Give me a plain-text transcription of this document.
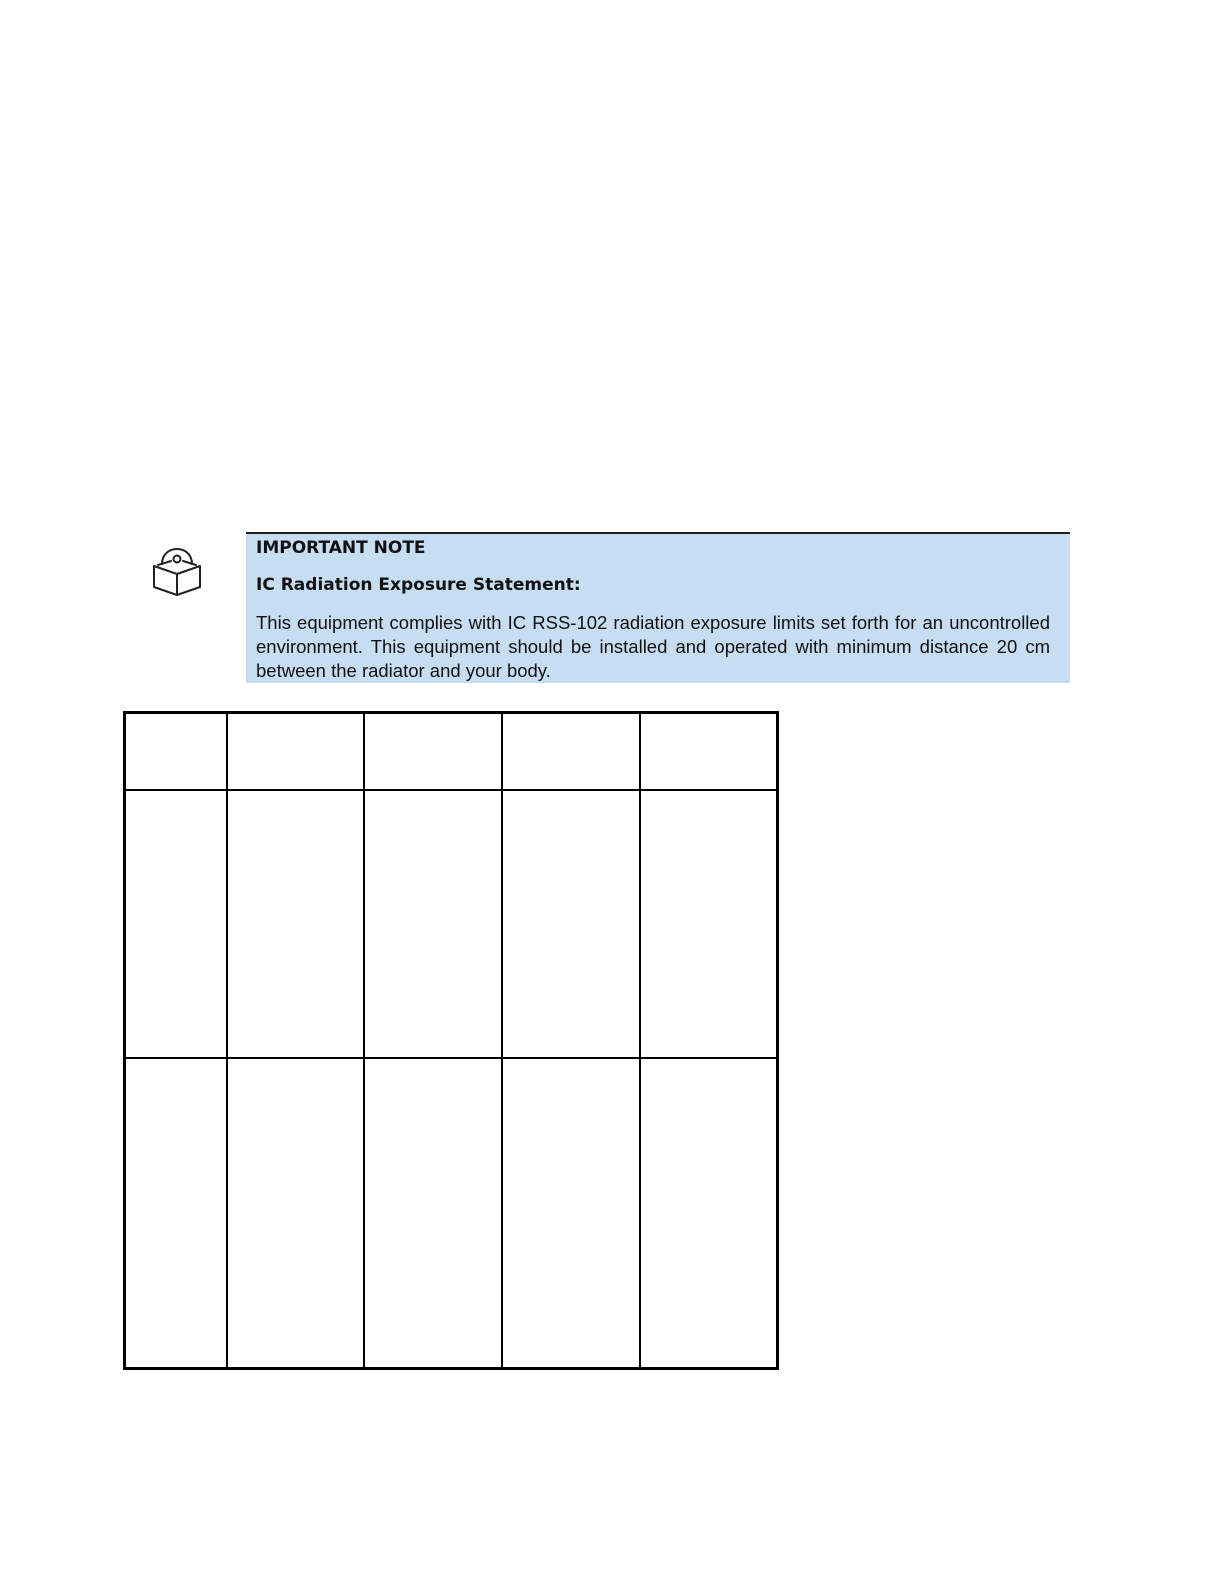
IMPORTANT NOTE
IC Radiation Exposure Statement:

This equipment complies with IC RSS-102 radiation exposure limits set forth for an uncontrolled environment. This equipment should be installed and operated with minimum distance 20 cm between the radiator and your body.
